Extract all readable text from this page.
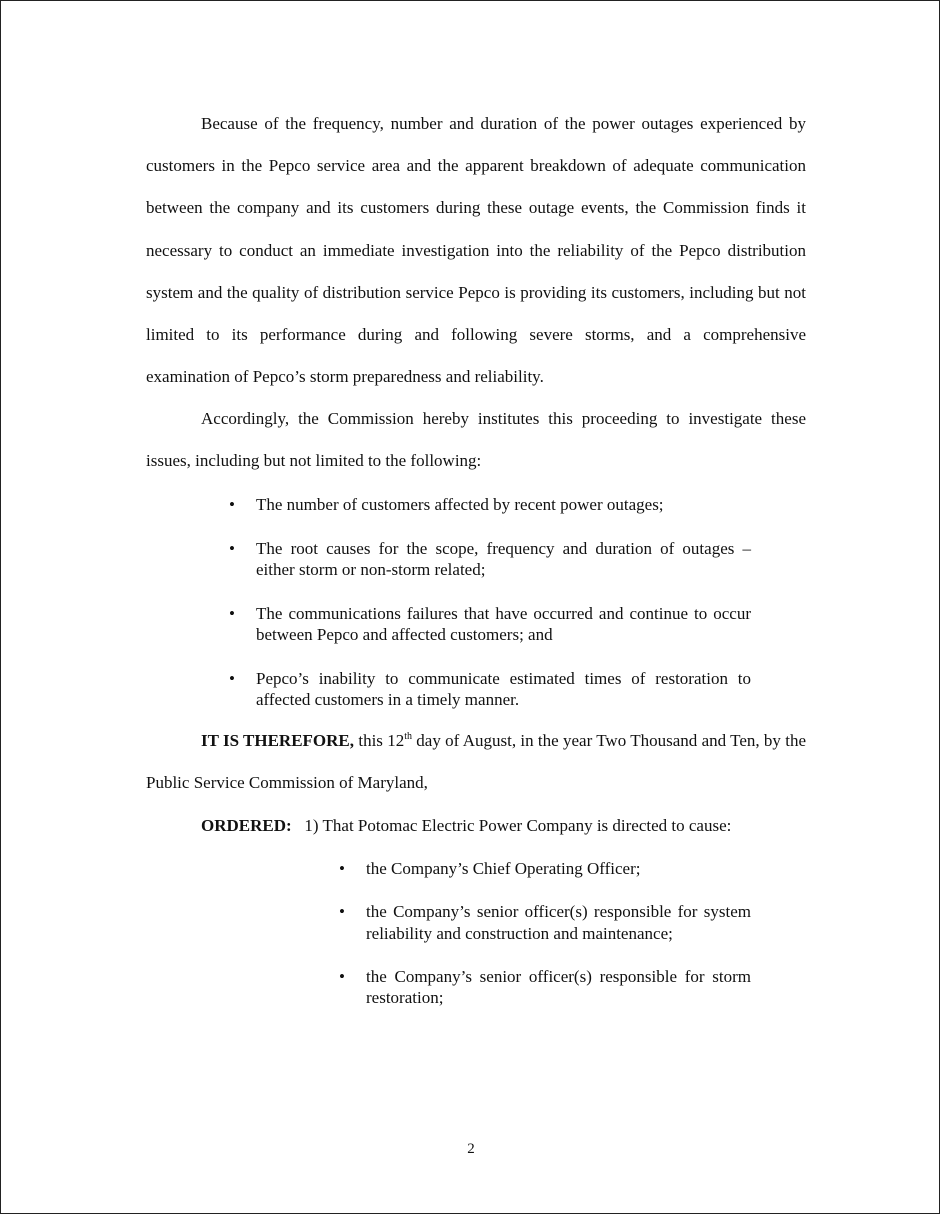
Because of the frequency, number and duration of the power outages experienced by customers in the Pepco service area and the apparent breakdown of adequate communication between the company and its customers during these outage events, the Commission finds it necessary to conduct an immediate investigation into the reliability of the Pepco distribution system and the quality of distribution service Pepco is providing its customers, including but not limited to its performance during and following severe storms, and a comprehensive examination of Pepco’s storm preparedness and reliability.

Accordingly, the Commission hereby institutes this proceeding to investigate these issues, including but not limited to the following:

• The number of customers affected by recent power outages;
• The root causes for the scope, frequency and duration of outages – either storm or non-storm related;
• The communications failures that have occurred and continue to occur between Pepco and affected customers; and
• Pepco’s inability to communicate estimated times of restoration to affected customers in a timely manner.

IT IS THEREFORE, this 12th day of August, in the year Two Thousand and Ten, by the Public Service Commission of Maryland,

ORDERED: 1) That Potomac Electric Power Company is directed to cause:
• the Company’s Chief Operating Officer;
• the Company’s senior officer(s) responsible for system reliability and construction and maintenance;
• the Company’s senior officer(s) responsible for storm restoration;
2
